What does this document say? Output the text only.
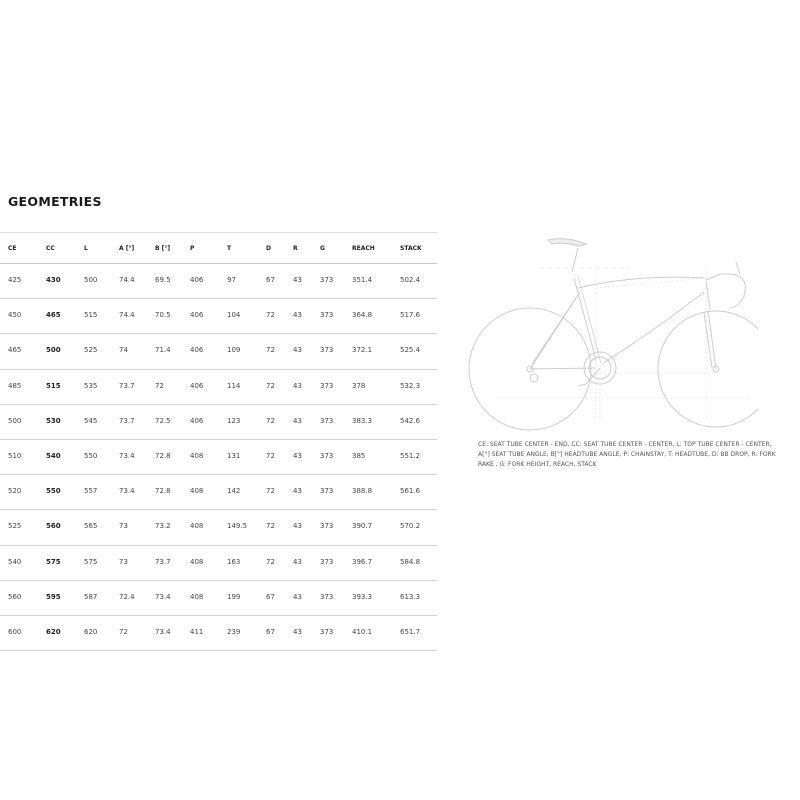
GEOMETRIES
CE	CC	L	A [°]	B [°]	P	T	D	R	G	REACH	STACK
425	430	500	74.4	69.5	406	97	67	43	373	351.4	502.4
450	465	515	74.4	70.5	406	104	72	43	373	364.8	517.6
465	500	525	74	71.4	406	109	72	43	373	372.1	525.4
485	515	535	73.7	72	406	114	72	43	373	378	532.3
500	530	545	73.7	72.5	406	123	72	43	373	383.3	542.6
510	540	550	73.4	72.8	408	131	72	43	373	385	551.2
520	550	557	73.4	72.8	408	142	72	43	373	388.8	561.6
525	560	565	73	73.2	408	149.5	72	43	373	390.7	570.2
540	575	575	73	73.7	408	163	72	43	373	396.7	584.8
560	595	587	72.4	73.4	408	199	67	43	373	393.3	613.3
600	620	620	72	73.4	411	239	67	43	373	410.1	651.7
CE: SEAT TUBE CENTER - END, CC: SEAT TUBE CENTER - CENTER, L: TOP TUBE CENTER - CENTER, A[°] SEAT TUBE ANGLE, B[°] HEADTUBE ANGLE, P: CHAINSTAY, T: HEADTUBE, D: BB DROP, R: FORK RAKE , G: FORK HEIGHT, REACH, STACK
